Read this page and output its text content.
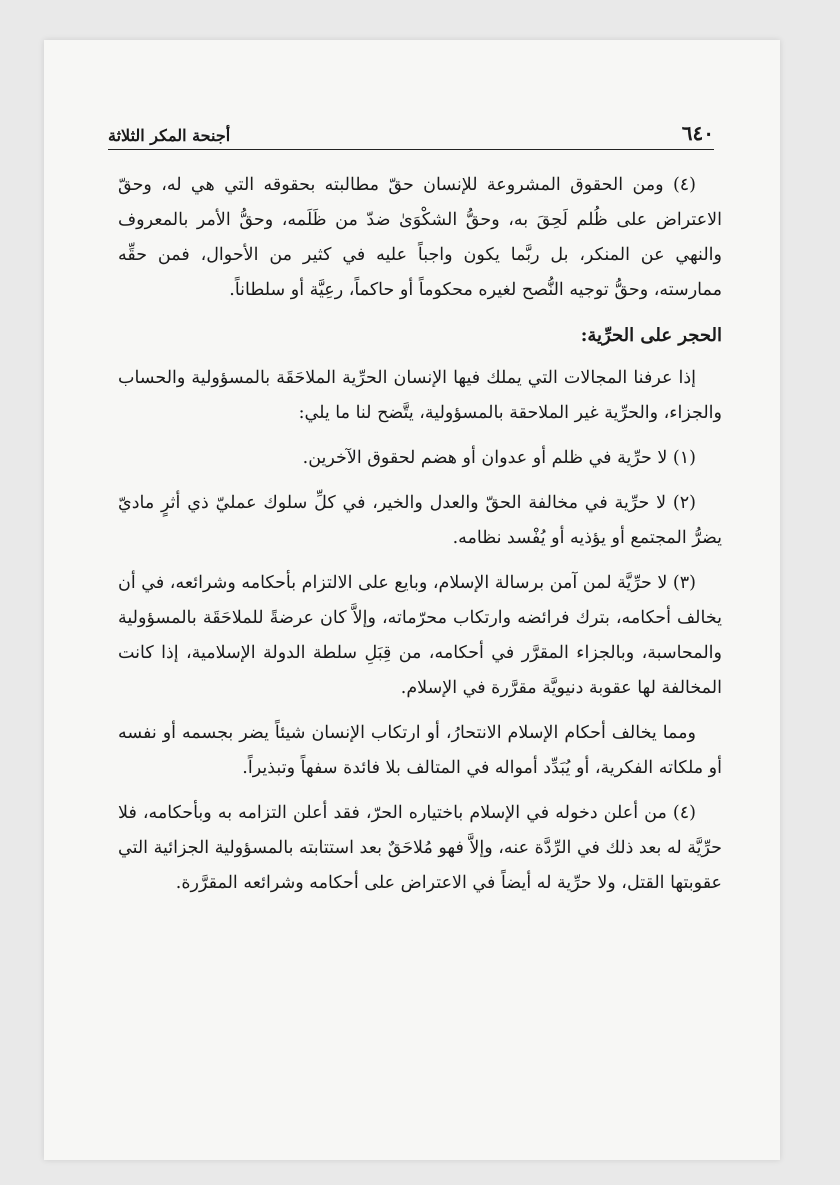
٦٤٠
أجنحة المكر الثلاثة

(٤) ومن الحقوق المشروعة للإنسان حقّ مطالبته بحقوقه التي هي له، وحقّ الاعتراض على ظُلم لَحِقَ به، وحقُّ الشكْوَىٰ ضدّ من ظَلَمه، وحقُّ الأمر بالمعروف والنهي عن المنكر، بل ربَّما يكون واجباً عليه في كثير من الأحوال، فمن حقِّه ممارسته، وحقُّ توجيه النُّصح لغيره محكوماً أو حاكماً، رعِيَّة أو سلطاناً.

الحجر على الحرِّية:

إذا عرفنا المجالات التي يملك فيها الإنسان الحرِّية الملاحَقَة بالمسؤولية والحساب والجزاء، والحرِّية غير الملاحقة بالمسؤولية، يتَّضح لنا ما يلي:

(١) لا حرِّية في ظلم أو عدوان أو هضم لحقوق الآخرين.

(٢) لا حرِّية في مخالفة الحقّ والعدل والخير، في كلِّ سلوك عمليّ ذي أثرٍ ماديّ يضرُّ المجتمع أو يؤذيه أو يُفْسد نظامه.

(٣) لا حرِّيَّة لمن آمن برسالة الإسلام، وبايع على الالتزام بأحكامه وشرائعه، في أن يخالف أحكامه، بترك فرائضه وارتكاب محرّماته، وإلاَّ كان عرضةً للملاحَقَة بالمسؤولية والمحاسبة، وبالجزاء المقرَّر في أحكامه، من قِبَلِ سلطة الدولة الإسلامية، إذا كانت المخالفة لها عقوبة دنيويَّة مقرَّرة في الإسلام.

ومما يخالف أحكام الإسلام الانتحارُ، أو ارتكاب الإنسان شيئاً يضر بجسمه أو نفسه أو ملكاته الفكرية، أو يُبَدِّد أمواله في المتالف بلا فائدة سفهاً وتبذيراً.

(٤) من أعلن دخوله في الإسلام باختياره الحرّ، فقد أعلن التزامه به وبأحكامه، فلا حرِّيَّة له بعد ذلك في الرِّدَّة عنه، وإلاَّ فهو مُلاحَقٌ بعد استتابته بالمسؤولية الجزائية التي عقوبتها القتل، ولا حرِّية له أيضاً في الاعتراض على أحكامه وشرائعه المقرَّرة.
